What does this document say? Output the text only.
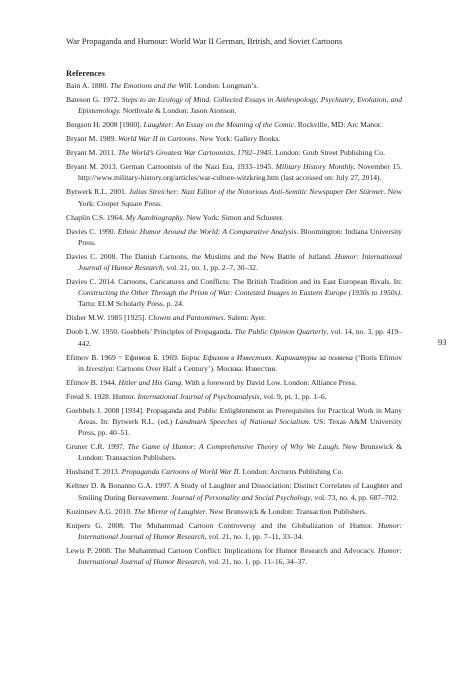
War Propaganda and Humour: World War II German, British, and Soviet Cartoons
References
Bain A. 1880. The Emotions and the Will. London: Longman’s.
Bateson G. 1972. Steps to an Ecology of Mind. Collected Essays in Anthropology, Psychiatry, Evolution, and Epistemology. Northvale & London: Jason Atonson.
Bergson H. 2008 [1900]. Laughter: An Essay on the Meaning of the Comic. Rockville, MD: Arc Manor.
Bryant M. 1989. World War II in Cartoons. New York: Gallery Books.
Bryant M. 2011. The World’s Greatest War Cartoonists, 1792–1945. London: Grub Street Publishing Co.
Bryant M. 2013. German Cartoonists of the Nazi Era, 1933–1945. Military History Monthly, November 15. http://www.military-history.org/articles/war-culture-witzkrieg.htm (last accessed on: July 27, 2014).
Bytwerk R.L. 2001. Julius Streicher: Nazi Editor of the Notorious Anti-Semitic Newspaper Der Stürmer. New York: Cooper Square Press.
Chaplin C.S. 1964. My Autobiography. New York: Simon and Schuster.
Davies C. 1990. Ethnic Humor Around the World: A Comparative Analysis. Bloomington: Indiana University Press.
Davies C. 2008. The Danish Cartoons, the Muslims and the New Battle of Jutland. Humor: International Journal of Humor Research, vol. 21, no. 1, pp. 2–7, 30–32.
Davies C. 2014. Cartoons, Caricatures and Conflicts: The British Tradition and its East European Rivals. In: Constructing the Other Through the Prism of War: Contested Images in Eastern Europe (1930s to 1950s). Tartu: ELM Scholarly Press. p. 24.
Disher M.W. 1985 [1925]. Clowns and Pantomimes. Salem: Ayer.
Doob L.W. 1950. Goebbels’ Principles of Propaganda. The Public Opinion Quarterly, vol. 14, no. 3, pp. 419–442.
Efimov B. 1969 = Ефимов Б. 1969. Борис Ефимов в Известиях. Карикатуры за полвека (‘Boris Efimov in Izvestiya: Cartoons Over Half a Century’). Москва: Известия.
Efimov B. 1944. Hitler and His Gang. With a foreword by David Low. London: Alliance Press.
Freud S. 1928. Humor. International Journal of Psychoanalysis, vol. 9, pt. 1, pp. 1–6.
Goebbels J. 2008 [1934]. Propaganda and Public Enlightenment as Prerequisites for Practical Work in Many Areas. In: Bytwerk R.L. (ed.) Landmark Speeches of National Socialism. US: Texas A&M University Press, pp. 40–51.
Gruner C.R. 1997. The Game of Humor: A Comprehensive Theory of Why We Laugh. New Brunswick & London: Transaction Publishers.
Husband T. 2013. Propaganda Cartoons of World War II. London: Arcturus Publishing Co.
Keltner D. & Bonanno G.A. 1997. A Study of Laughter and Dissociation: Distinct Correlates of Laughter and Smiling During Bereavement. Journal of Personality and Social Psychology, vol. 73, no. 4, pp. 687–702.
Kozintsev A.G. 2010. The Mirror of Laughter. New Brunswick & London: Transaction Publishers.
Kuipers G. 2008. The Muhammad Cartoon Controversy and the Globalization of Humor. Humor: International Journal of Humor Research, vol. 21, no. 1, pp. 7–11, 33–34.
Lewis P. 2008. The Muhammad Cartoon Conflict: Implications for Humor Research and Advocacy. Humor: International Journal of Humor Research, vol. 21, no. 1, pp. 11–16, 34–37.
93
